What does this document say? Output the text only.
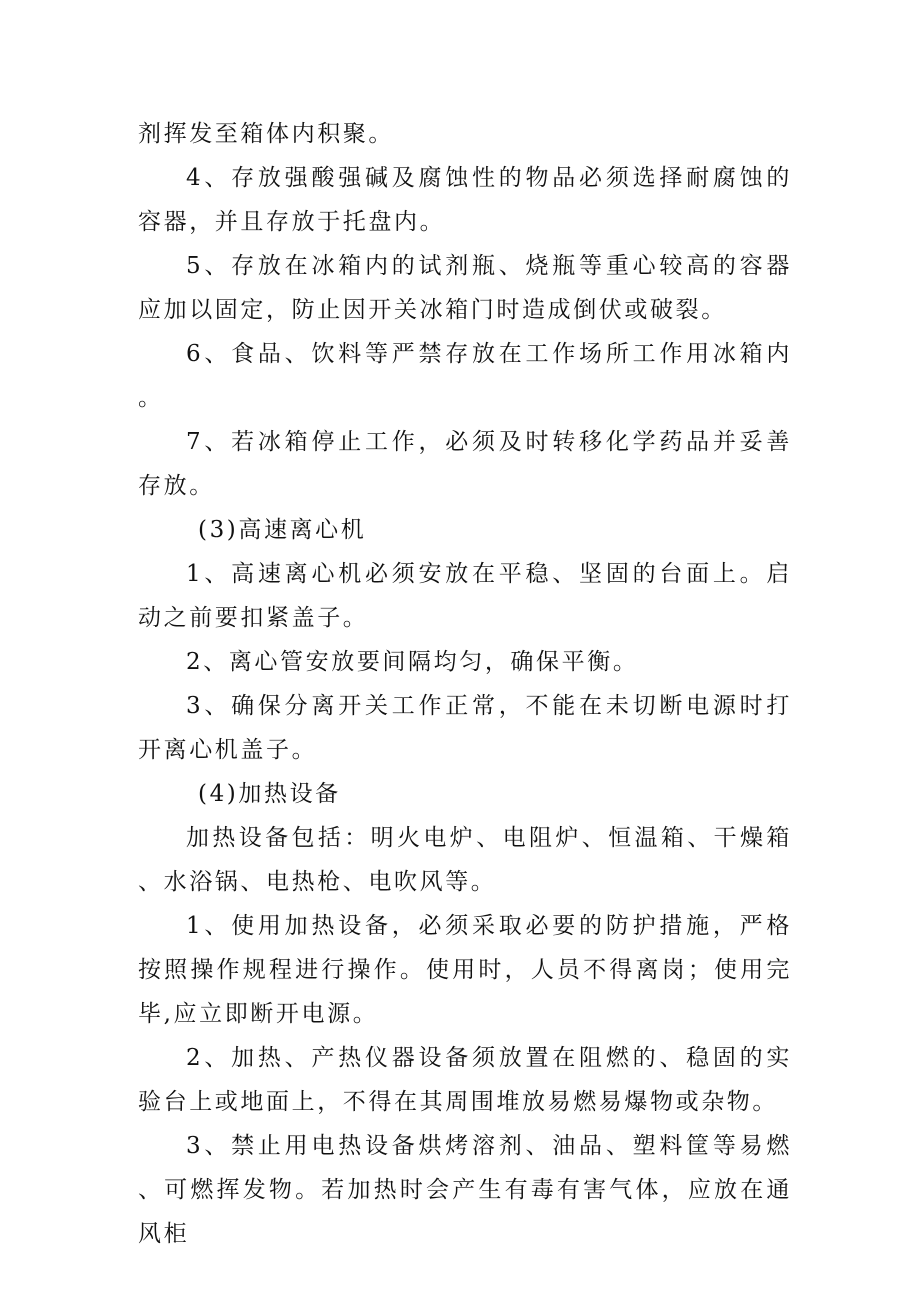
剂挥发至箱体内积聚。

4、存放强酸强碱及腐蚀性的物品必须选择耐腐蚀的容器，并且存放于托盘内。

5、存放在冰箱内的试剂瓶、烧瓶等重心较高的容器应加以固定，防止因开关冰箱门时造成倒伏或破裂。

6、食品、饮料等严禁存放在工作场所工作用冰箱内。

7、若冰箱停止工作，必须及时转移化学药品并妥善存放。

(3)高速离心机

1、高速离心机必须安放在平稳、坚固的台面上。启动之前要扣紧盖子。

2、离心管安放要间隔均匀，确保平衡。

3、确保分离开关工作正常，不能在未切断电源时打开离心机盖子。

(4)加热设备

加热设备包括：明火电炉、电阻炉、恒温箱、干燥箱、水浴锅、电热枪、电吹风等。

1、使用加热设备，必须采取必要的防护措施，严格按照操作规程进行操作。使用时，人员不得离岗；使用完毕,应立即断开电源。

2、加热、产热仪器设备须放置在阻燃的、稳固的实验台上或地面上，不得在其周围堆放易燃易爆物或杂物。

3、禁止用电热设备烘烤溶剂、油品、塑料筐等易燃、可燃挥发物。若加热时会产生有毒有害气体，应放在通风柜
